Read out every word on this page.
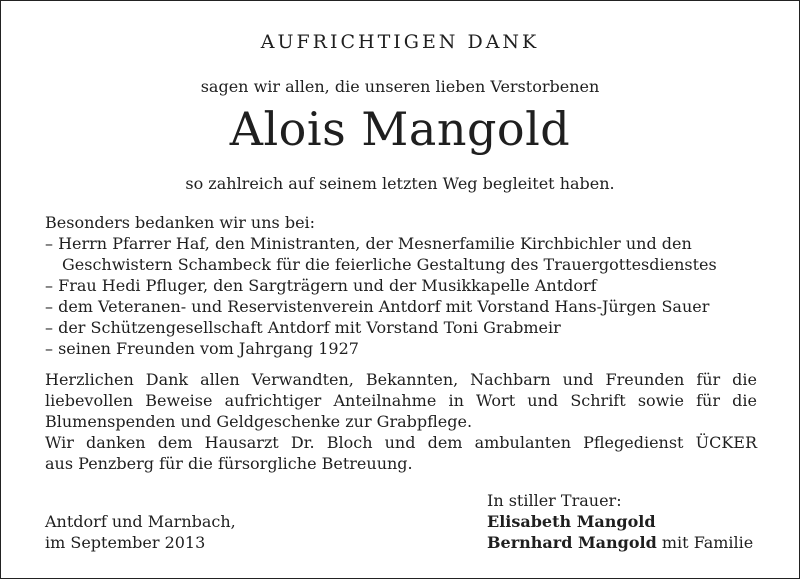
AUFRICHTIGEN DANK
sagen wir allen, die unseren lieben Verstorbenen
Alois Mangold
so zahlreich auf seinem letzten Weg begleitet haben.
Besonders bedanken wir uns bei:
– Herrn Pfarrer Haf, den Ministranten, der Mesnerfamilie Kirchbichler und den
Geschwistern Schambeck für die feierliche Gestaltung des Trauergottesdienstes
– Frau Hedi Pfluger, den Sargträgern und der Musikkapelle Antdorf
– dem Veteranen- und Reservistenverein Antdorf mit Vorstand Hans-Jürgen Sauer
– der Schützengesellschaft Antdorf mit Vorstand Toni Grabmeir
– seinen Freunden vom Jahrgang 1927
Herzlichen Dank allen Verwandten, Bekannten, Nachbarn und Freunden für die
liebevollen Beweise aufrichtiger Anteilnahme in Wort und Schrift sowie für die
Blumenspenden und Geldgeschenke zur Grabpflege.
Wir danken dem Hausarzt Dr. Bloch und dem ambulanten Pflegedienst ÜCKER
aus Penzberg für die fürsorgliche Betreuung.
Antdorf und Marnbach,
im September 2013
In stiller Trauer:
Elisabeth Mangold
Bernhard Mangold mit Familie
